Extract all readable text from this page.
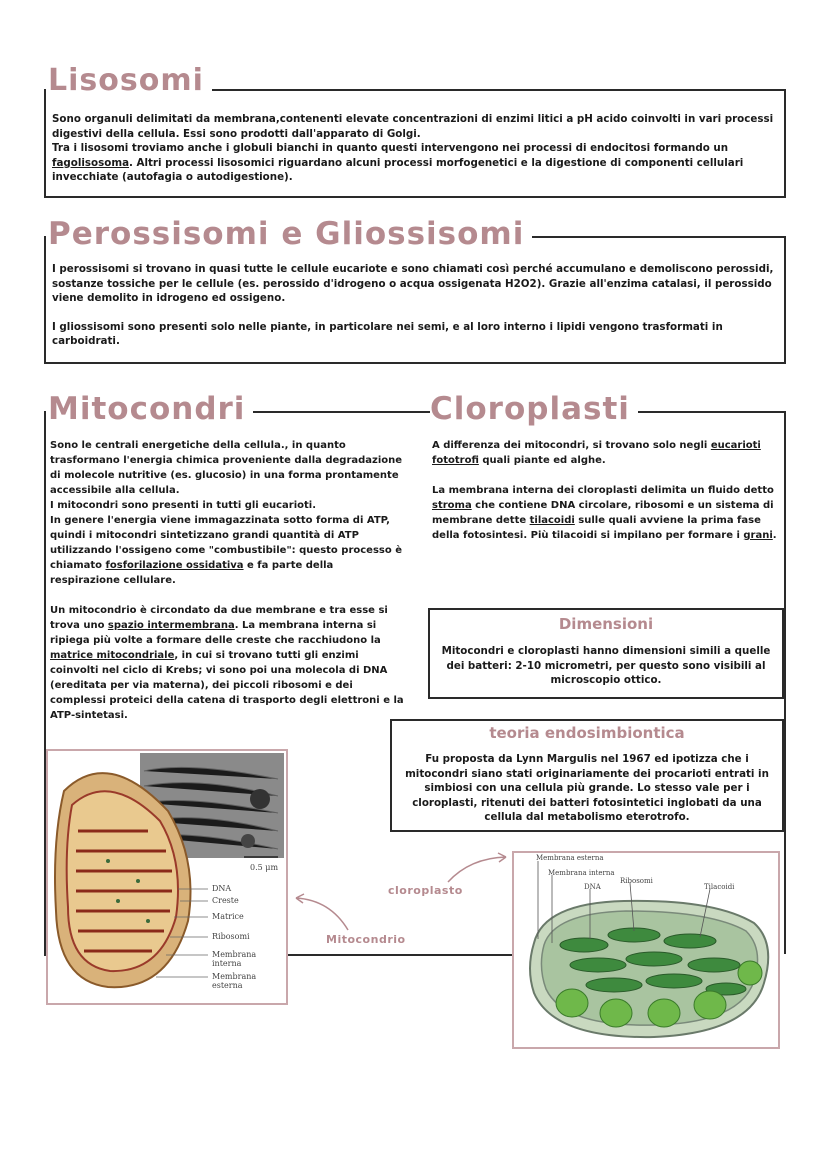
Lisosomi

Sono organuli delimitati da membrana,contenenti elevate concentrazioni di enzimi litici a pH acido coinvolti in vari processi digestivi della cellula. Essi sono prodotti dall'apparato di Golgi.

Tra i lisosomi troviamo anche i globuli bianchi in quanto questi intervengono nei processi di endocitosi formando un fagolisosoma. Altri processi lisosomici riguardano alcuni processi morfogenetici e la digestione di componenti cellulari invecchiate (autofagia o autodigestione).

Perossisomi e Gliossisomi

I perossisomi si trovano in quasi tutte le cellule eucariote e sono chiamati così perché accumulano e demoliscono perossidi, sostanze tossiche per le cellule (es. perossido d'idrogeno o acqua ossigenata H2O2). Grazie all'enzima catalasi, il perossido viene demolito in idrogeno ed ossigeno.

I gliossisomi sono presenti solo nelle piante, in particolare nei semi, e al loro interno i lipidi vengono trasformati in carboidrati.

Mitocondri	Cloroplasti

Sono le centrali energetiche della cellula., in quanto trasformano l'energia chimica proveniente dalla degradazione di molecole nutritive (es. glucosio) in una forma prontamente accessibile alla cellula.
I mitocondri sono presenti in tutti gli eucarioti.
In genere l'energia viene immagazzinata sotto forma di ATP, quindi i mitocondri sintetizzano grandi quantità di ATP utilizzando l'ossigeno come "combustibile": questo processo è chiamato fosforilazione ossidativa e fa parte della respirazione cellulare.

Un mitocondrio è circondato da due membrane e tra esse si trova uno spazio intermembrana. La membrana interna si ripiega più volte a formare delle creste che racchiudono la matrice mitocondriale, in cui si trovano tutti gli enzimi coinvolti nel ciclo di Krebs; vi sono poi una molecola di DNA (ereditata per via materna), dei piccoli ribosomi e dei complessi proteici della catena di trasporto degli elettroni e la ATP-sintetasi.

A differenza dei mitocondri, si trovano solo negli eucarioti fototrofi quali piante ed alghe.

La membrana interna dei cloroplasti delimita un fluido detto stroma che contiene DNA circolare, ribosomi e un sistema di membrane dette tilacoidi sulle quali avviene la prima fase della fotosintesi. Più tilacoidi si impilano per formare i grani.

Dimensioni
Mitocondri e cloroplasti hanno dimensioni simili a quelle dei batteri: 2-10 micrometri, per questo sono visibili al microscopio ottico.
teoria endosimbiontica
Fu proposta da Lynn Margulis nel 1967 ed ipotizza che i mitocondri siano stati originariamente dei procarioti entrati in simbiosi con una cellula più grande. Lo stesso vale per i cloroplasti, ritenuti dei batteri fotosintetici inglobati da una cellula dal metabolismo eterotrofo.
0.5 μm
DNA
Creste
Matrice
Ribosomi
Membrana interna
Membrana esterna
Mitocondrio
cloroplasto
Membrana esterna
Membrana interna
DNA
Ribosomi
Tilacoidi
